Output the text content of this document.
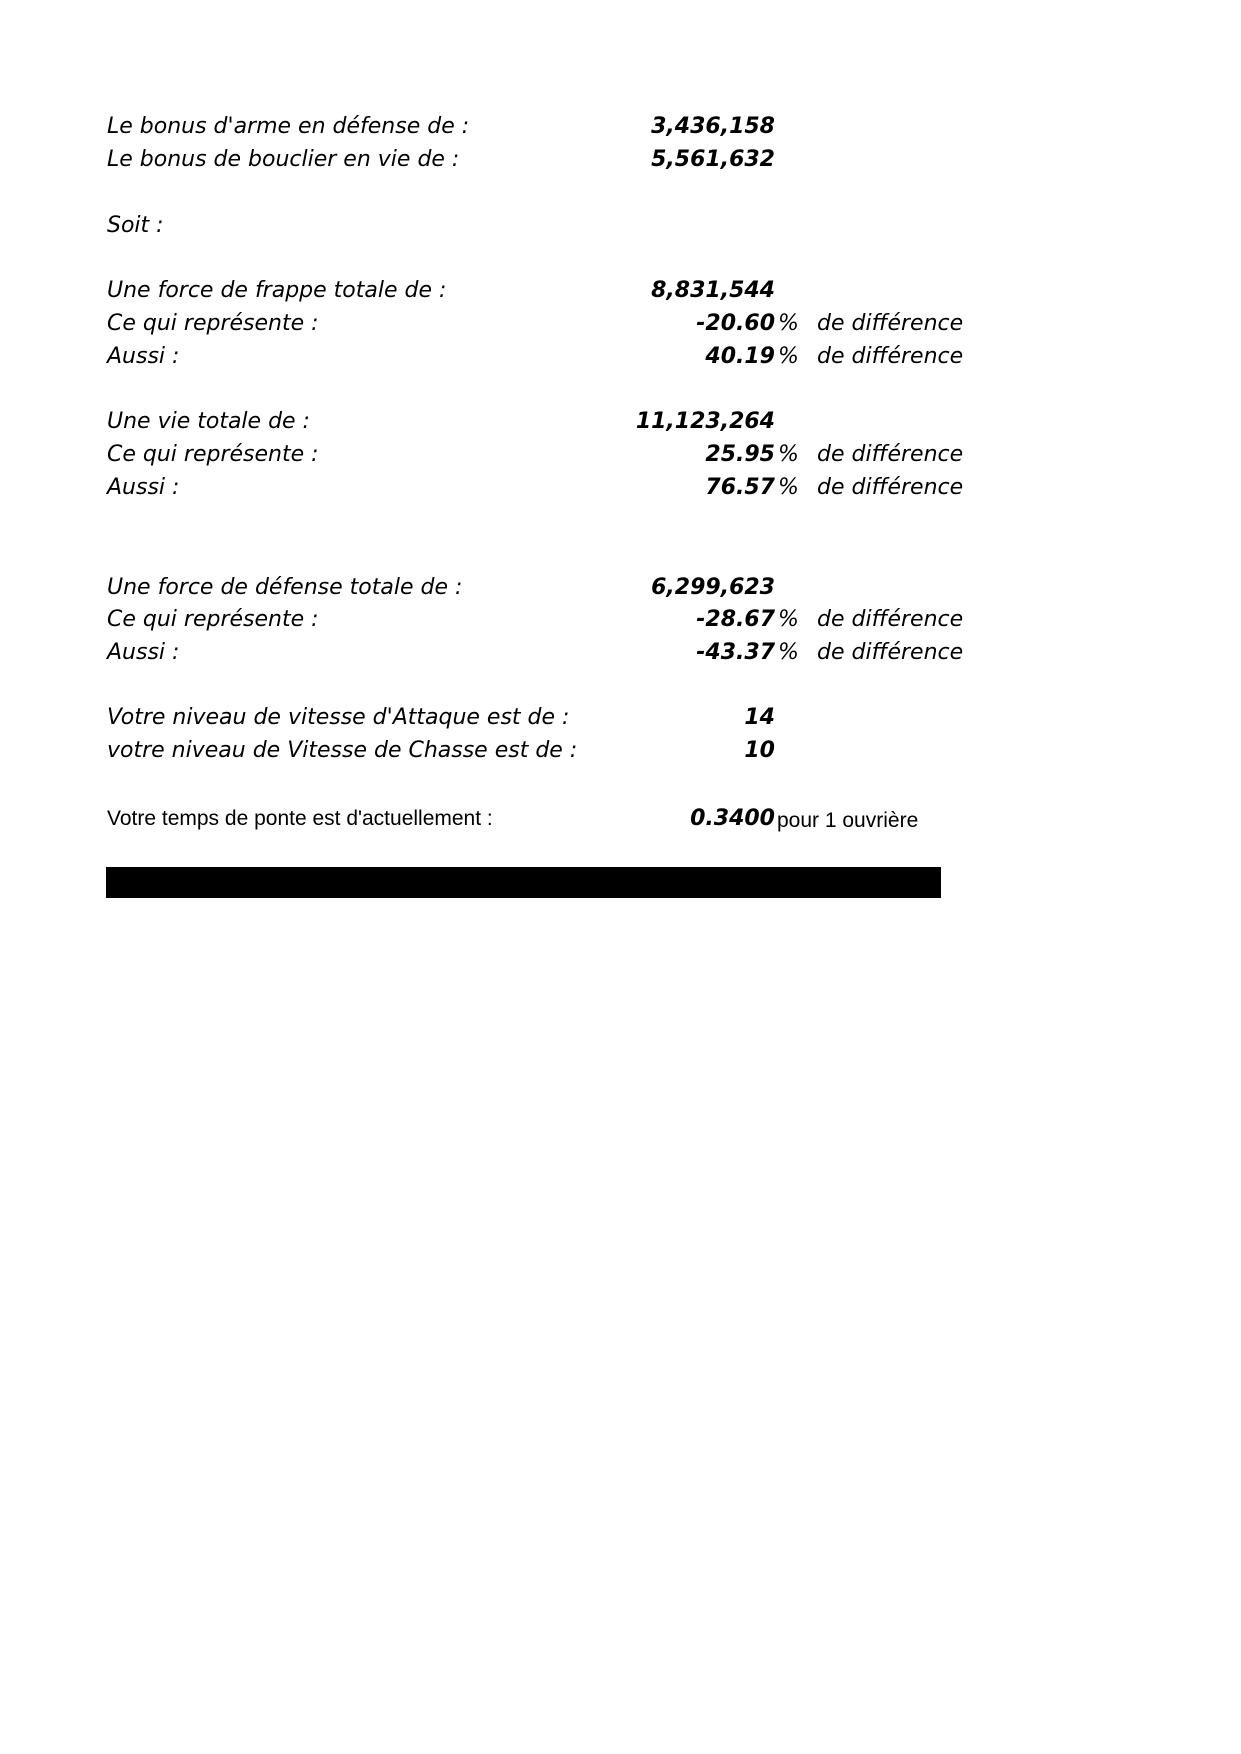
Le bonus d'arme en défense de :	3,436,158
Le bonus de bouclier en vie de :	5,561,632
Soit :
Une force de frappe totale de :	8,831,544
Ce qui représente :	-20.60 % de différence
Aussi :	40.19 % de différence
Une vie totale de :	11,123,264
Ce qui représente :	25.95 % de différence
Aussi :	76.57 % de différence
Une force de défense totale de :	6,299,623
Ce qui représente :	-28.67 % de différence
Aussi :	-43.37 % de différence
Votre niveau de vitesse d'Attaque est de :	14
votre niveau de Vitesse de Chasse est de :	10
Votre temps de ponte est d'actuellement :	0.3400 pour 1 ouvrière
